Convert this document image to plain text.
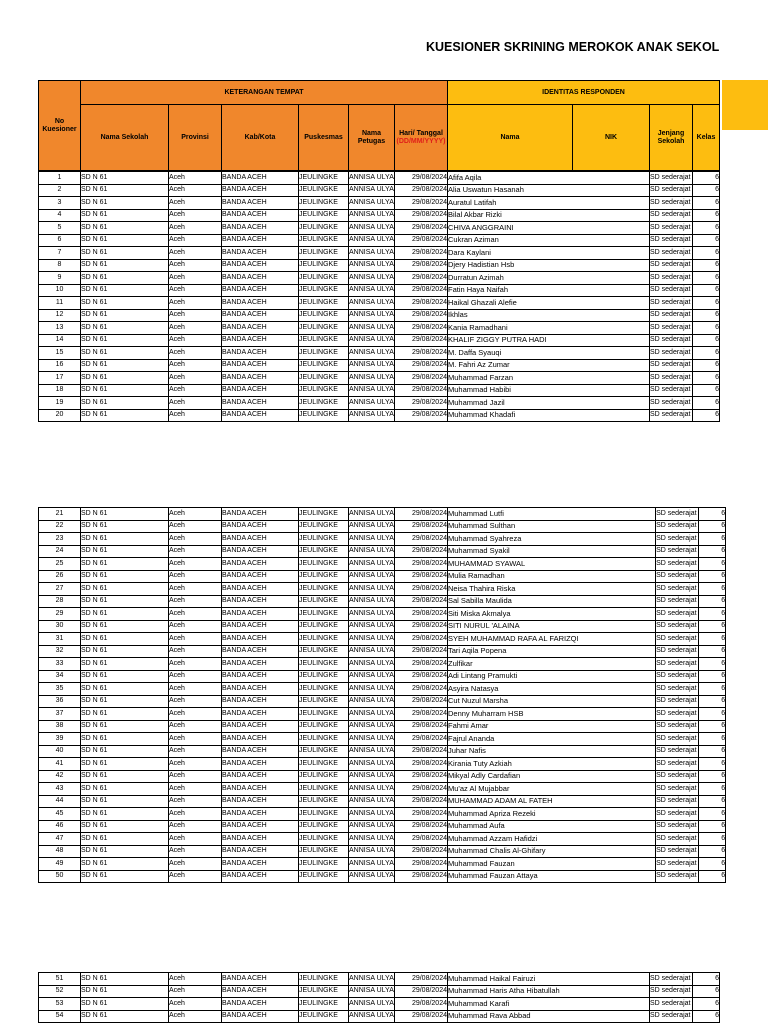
KUESIONER SKRINING MEROKOK ANAK SEKOL
No Kuesioner	KETERANGAN TEMPAT						IDENTITAS RESPONDEN			
	Nama Sekolah	Provinsi	Kab/Kota	Puskesmas	Nama Petugas	Hari/ Tanggal
(DD/MM/YYYY)	Nama	NIK	Jenjang Sekolah	Kelas
1	SD N 61	Aceh	BANDA ACEH	JEULINGKE	ANNISA ULYA	29/08/2024	Afifa Aqila		SD sederajat	6
2	SD N 61	Aceh	BANDA ACEH	JEULINGKE	ANNISA ULYA	29/08/2024	Alia Uswatun Hasanah		SD sederajat	6
3	SD N 61	Aceh	BANDA ACEH	JEULINGKE	ANNISA ULYA	29/08/2024	Auratul Latifah		SD sederajat	6
4	SD N 61	Aceh	BANDA ACEH	JEULINGKE	ANNISA ULYA	29/08/2024	Bilal Akbar Rizki		SD sederajat	6
5	SD N 61	Aceh	BANDA ACEH	JEULINGKE	ANNISA ULYA	29/08/2024	CHIVA ANGGRAINI		SD sederajat	6
6	SD N 61	Aceh	BANDA ACEH	JEULINGKE	ANNISA ULYA	29/08/2024	Cukran Aziman		SD sederajat	6
7	SD N 61	Aceh	BANDA ACEH	JEULINGKE	ANNISA ULYA	29/08/2024	Dara Kaylani		SD sederajat	6
8	SD N 61	Aceh	BANDA ACEH	JEULINGKE	ANNISA ULYA	29/08/2024	Djery Hadistian Hsb		SD sederajat	6
9	SD N 61	Aceh	BANDA ACEH	JEULINGKE	ANNISA ULYA	29/08/2024	Durratun Azimah		SD sederajat	6
10	SD N 61	Aceh	BANDA ACEH	JEULINGKE	ANNISA ULYA	29/08/2024	Fatin Haya Naifah		SD sederajat	6
11	SD N 61	Aceh	BANDA ACEH	JEULINGKE	ANNISA ULYA	29/08/2024	Haikal Ghazali Alefie		SD sederajat	6
12	SD N 61	Aceh	BANDA ACEH	JEULINGKE	ANNISA ULYA	29/08/2024	Ikhlas		SD sederajat	6
13	SD N 61	Aceh	BANDA ACEH	JEULINGKE	ANNISA ULYA	29/08/2024	Kania Ramadhani		SD sederajat	6
14	SD N 61	Aceh	BANDA ACEH	JEULINGKE	ANNISA ULYA	29/08/2024	KHALIF ZIGGY PUTRA HADI		SD sederajat	6
15	SD N 61	Aceh	BANDA ACEH	JEULINGKE	ANNISA ULYA	29/08/2024	M. Daffa Syauqi		SD sederajat	6
16	SD N 61	Aceh	BANDA ACEH	JEULINGKE	ANNISA ULYA	29/08/2024	M. Fahri Az Zumar		SD sederajat	6
17	SD N 61	Aceh	BANDA ACEH	JEULINGKE	ANNISA ULYA	29/08/2024	Muhammad Farzan		SD sederajat	6
18	SD N 61	Aceh	BANDA ACEH	JEULINGKE	ANNISA ULYA	29/08/2024	Muhammad Habibi		SD sederajat	6
19	SD N 61	Aceh	BANDA ACEH	JEULINGKE	ANNISA ULYA	29/08/2024	Muhammad Jazil		SD sederajat	6
20	SD N 61	Aceh	BANDA ACEH	JEULINGKE	ANNISA ULYA	29/08/2024	Muhammad Khadafi		SD sederajat	6
21	SD N 61	Aceh	BANDA ACEH	JEULINGKE	ANNISA ULYA	29/08/2024	Muhammad Lutfi		SD sederajat	6
22	SD N 61	Aceh	BANDA ACEH	JEULINGKE	ANNISA ULYA	29/08/2024	Muhammad Sulthan		SD sederajat	6
23	SD N 61	Aceh	BANDA ACEH	JEULINGKE	ANNISA ULYA	29/08/2024	Muhammad Syahreza		SD sederajat	6
24	SD N 61	Aceh	BANDA ACEH	JEULINGKE	ANNISA ULYA	29/08/2024	Muhammad Syakil		SD sederajat	6
25	SD N 61	Aceh	BANDA ACEH	JEULINGKE	ANNISA ULYA	29/08/2024	MUHAMMAD SYAWAL		SD sederajat	6
26	SD N 61	Aceh	BANDA ACEH	JEULINGKE	ANNISA ULYA	29/08/2024	Mulia Ramadhan		SD sederajat	6
27	SD N 61	Aceh	BANDA ACEH	JEULINGKE	ANNISA ULYA	29/08/2024	Neisa Thahira Riska		SD sederajat	6
28	SD N 61	Aceh	BANDA ACEH	JEULINGKE	ANNISA ULYA	29/08/2024	Sal Sabilla Maulida		SD sederajat	6
29	SD N 61	Aceh	BANDA ACEH	JEULINGKE	ANNISA ULYA	29/08/2024	Siti Miska Akmalya		SD sederajat	6
30	SD N 61	Aceh	BANDA ACEH	JEULINGKE	ANNISA ULYA	29/08/2024	SITI NURUL 'ALAINA		SD sederajat	6
31	SD N 61	Aceh	BANDA ACEH	JEULINGKE	ANNISA ULYA	29/08/2024	SYEH MUHAMMAD RAFA AL FARIZQI		SD sederajat	6
32	SD N 61	Aceh	BANDA ACEH	JEULINGKE	ANNISA ULYA	29/08/2024	Tari Aqila Popena		SD sederajat	6
33	SD N 61	Aceh	BANDA ACEH	JEULINGKE	ANNISA ULYA	29/08/2024	Zulfikar		SD sederajat	6
34	SD N 61	Aceh	BANDA ACEH	JEULINGKE	ANNISA ULYA	29/08/2024	Adi Lintang Pramukti		SD sederajat	6
35	SD N 61	Aceh	BANDA ACEH	JEULINGKE	ANNISA ULYA	29/08/2024	Asyira Natasya		SD sederajat	6
36	SD N 61	Aceh	BANDA ACEH	JEULINGKE	ANNISA ULYA	29/08/2024	Cut Nuzul Marsha		SD sederajat	6
37	SD N 61	Aceh	BANDA ACEH	JEULINGKE	ANNISA ULYA	29/08/2024	Denny Muharram HSB		SD sederajat	6
38	SD N 61	Aceh	BANDA ACEH	JEULINGKE	ANNISA ULYA	29/08/2024	Fahmi Amar		SD sederajat	6
39	SD N 61	Aceh	BANDA ACEH	JEULINGKE	ANNISA ULYA	29/08/2024	Fajrul Ananda		SD sederajat	6
40	SD N 61	Aceh	BANDA ACEH	JEULINGKE	ANNISA ULYA	29/08/2024	Juhar Nafis		SD sederajat	6
41	SD N 61	Aceh	BANDA ACEH	JEULINGKE	ANNISA ULYA	29/08/2024	Kirania Tuty Azkiah		SD sederajat	6
42	SD N 61	Aceh	BANDA ACEH	JEULINGKE	ANNISA ULYA	29/08/2024	Mikyal Adly Cardafian		SD sederajat	6
43	SD N 61	Aceh	BANDA ACEH	JEULINGKE	ANNISA ULYA	29/08/2024	Mu'az Al Mujabbar		SD sederajat	6
44	SD N 61	Aceh	BANDA ACEH	JEULINGKE	ANNISA ULYA	29/08/2024	MUHAMMAD ADAM AL FATEH		SD sederajat	6
45	SD N 61	Aceh	BANDA ACEH	JEULINGKE	ANNISA ULYA	29/08/2024	Muhammad Apriza Rezeki		SD sederajat	6
46	SD N 61	Aceh	BANDA ACEH	JEULINGKE	ANNISA ULYA	29/08/2024	Muhammad Aufa		SD sederajat	6
47	SD N 61	Aceh	BANDA ACEH	JEULINGKE	ANNISA ULYA	29/08/2024	Muhammad Azzam Hafidzi		SD sederajat	6
48	SD N 61	Aceh	BANDA ACEH	JEULINGKE	ANNISA ULYA	29/08/2024	Muhammad Chalis Al-Ghifary		SD sederajat	6
49	SD N 61	Aceh	BANDA ACEH	JEULINGKE	ANNISA ULYA	29/08/2024	Muhammad Fauzan		SD sederajat	6
50	SD N 61	Aceh	BANDA ACEH	JEULINGKE	ANNISA ULYA	29/08/2024	Muhammad Fauzan Attaya		SD sederajat	6
51	SD N 61	Aceh	BANDA ACEH	JEULINGKE	ANNISA ULYA	29/08/2024	Muhammad Haikal Fairuzi		SD sederajat	6
52	SD N 61	Aceh	BANDA ACEH	JEULINGKE	ANNISA ULYA	29/08/2024	Muhammad Haris Atha Hibatullah		SD sederajat	6
53	SD N 61	Aceh	BANDA ACEH	JEULINGKE	ANNISA ULYA	29/08/2024	Muhammad Karafi		SD sederajat	6
54	SD N 61	Aceh	BANDA ACEH	JEULINGKE	ANNISA ULYA	29/08/2024	Muhammad Rava Abbad		SD sederajat	6
